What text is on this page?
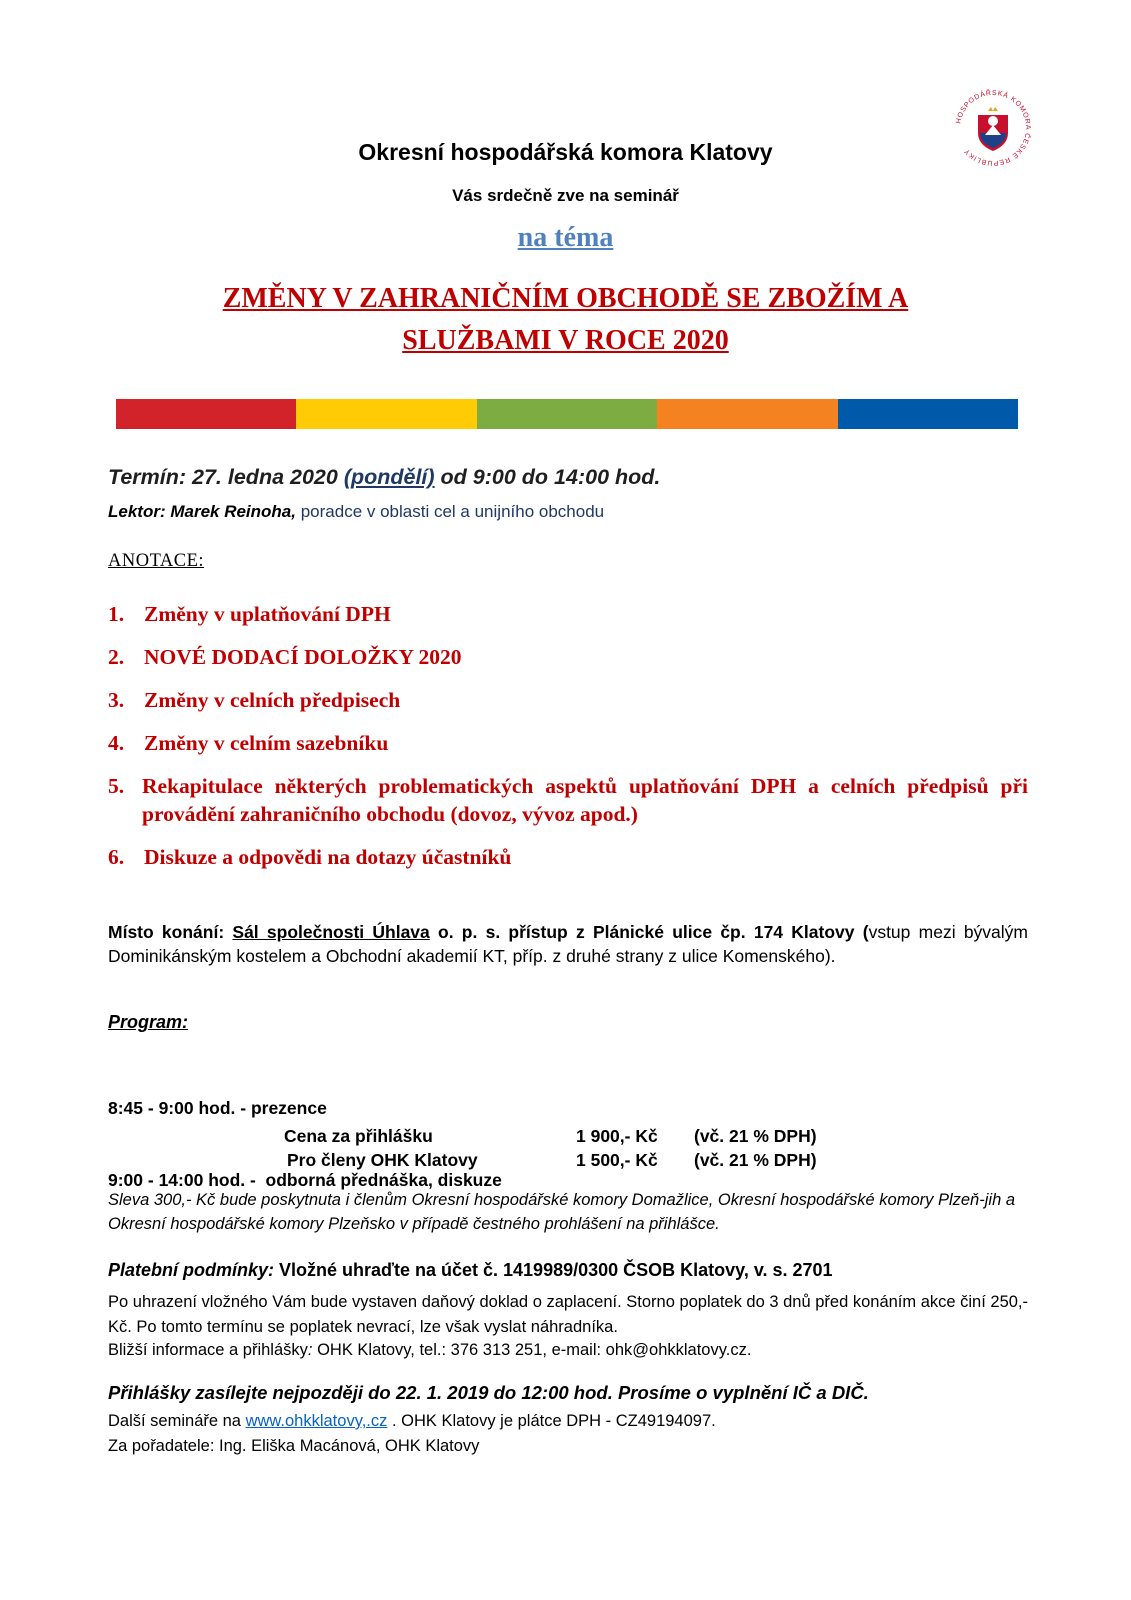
HOSPODÁŘSKÁ KOMORA ČESKÉ REPUBLIKY
Okresní hospodářská komora Klatovy
Vás srdečně zve na seminář
na téma
ZMĚNY V ZAHRANIČNÍM OBCHODĚ SE ZBOŽÍM A
SLUŽBAMI V ROCE 2020
Termín: 27. ledna 2020 (pondělí) od 9:00 do 14:00 hod.
Lektor: Marek Reinoha, poradce v oblasti cel a unijního obchodu
ANOTACE:
1. Změny v uplatňování DPH
2. NOVÉ DODACÍ DOLOŽKY 2020
3. Změny v celních předpisech
4. Změny v celním sazebníku
5. Rekapitulace některých problematických aspektů uplatňování DPH a celních předpisů při provádění zahraničního obchodu (dovoz, vývoz apod.)
6. Diskuze a odpovědi na dotazy účastníků
Místo konání: Sál společnosti Úhlava o. p. s. přístup z Plánické ulice čp. 174 Klatovy (vstup mezi bývalým Dominikánským kostelem a Obchodní akademií KT, příp. z druhé strany z ulice Komenského).
Program:

8:45 - 9:00 hod. - prezence

9:00 - 14:00 hod. -  odborná přednáška, diskuze

Cena za přihlášku	1 900,- Kč	(vč. 21 % DPH)
Pro členy OHK Klatovy	1 500,- Kč	(vč. 21 % DPH)
Sleva 300,- Kč bude poskytnuta i členům Okresní hospodářské komory Domažlice, Okresní hospodářské komory Plzeň-jih a Okresní hospodářské komory Plzeňsko v případě čestného prohlášení na přihlášce.
Platební podmínky: Vložné uhraďte na účet č. 1419989/0300 ČSOB Klatovy, v. s. 2701
Po uhrazení vložného Vám bude vystaven daňový doklad o zaplacení. Storno poplatek do 3 dnů před konáním akce činí 250,- Kč. Po tomto termínu se poplatek nevrací, lze však vyslat náhradníka.
Bližší informace a přihlášky: OHK Klatovy, tel.: 376 313 251, e-mail: ohk@ohkklatovy.cz.
Přihlášky zasílejte nejpozději do 22. 1. 2019 do 12:00 hod. Prosíme o vyplnění IČ a DIČ.
Další semináře na www.ohkklatovy,.cz . OHK Klatovy je plátce DPH - CZ49194097.
Za pořadatele: Ing. Eliška Macánová, OHK Klatovy
